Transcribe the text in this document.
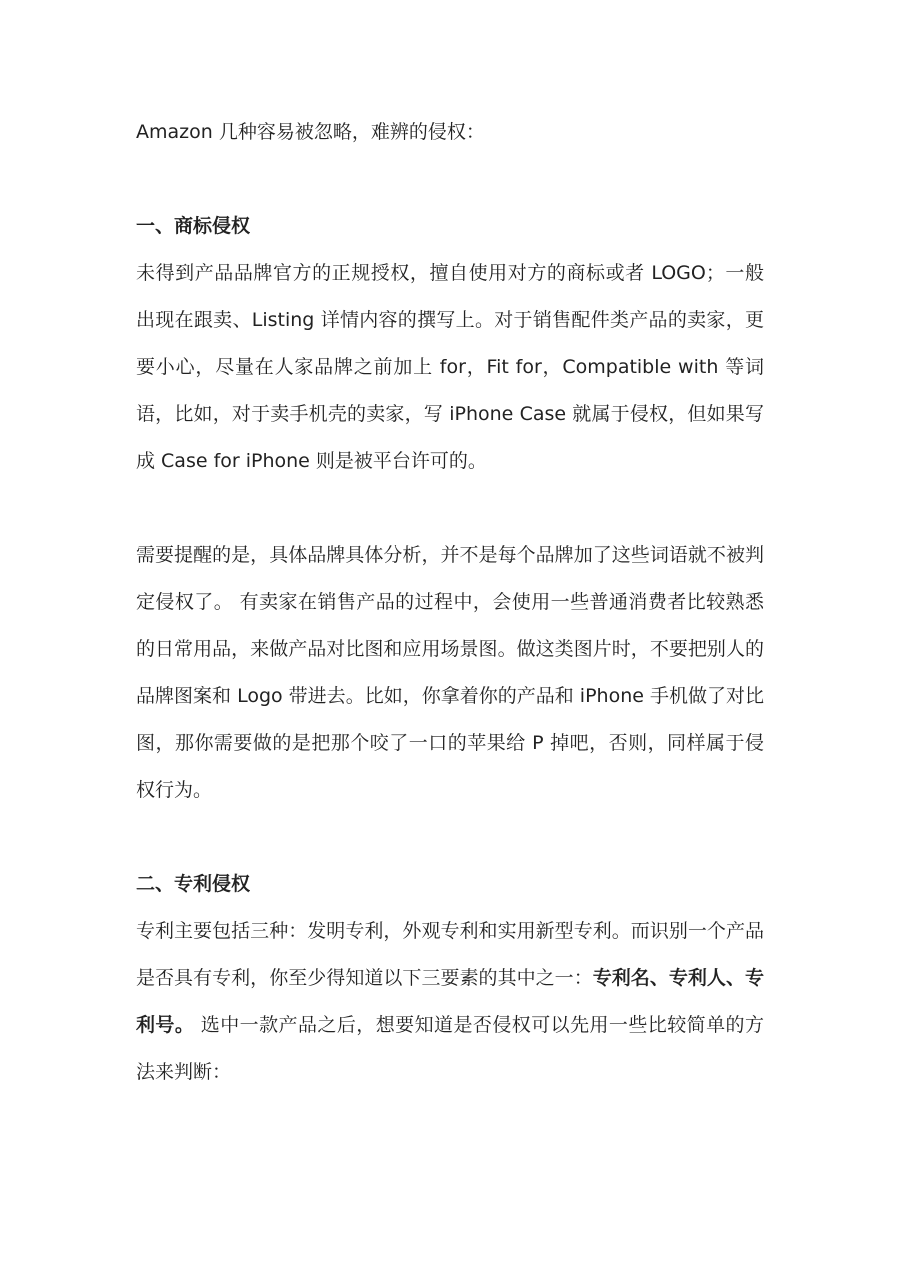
Amazon 几种容易被忽略，难辨的侵权：

一、商标侵权

未得到产品品牌官方的正规授权，擅自使用对方的商标或者 LOGO；一般出现在跟卖、Listing 详情内容的撰写上。对于销售配件类产品的卖家，更要小心，尽量在人家品牌之前加上 for，Fit for，Compatible with 等词语，比如，对于卖手机壳的卖家，写 iPhone Case 就属于侵权，但如果写成 Case for iPhone 则是被平台许可的。

需要提醒的是，具体品牌具体分析，并不是每个品牌加了这些词语就不被判定侵权了。 有卖家在销售产品的过程中，会使用一些普通消费者比较熟悉的日常用品，来做产品对比图和应用场景图。做这类图片时，不要把别人的品牌图案和 Logo 带进去。比如，你拿着你的产品和 iPhone 手机做了对比图，那你需要做的是把那个咬了一口的苹果给 P 掉吧，否则，同样属于侵权行为。

二、专利侵权

专利主要包括三种：发明专利，外观专利和实用新型专利。而识别一个产品是否具有专利，你至少得知道以下三要素的其中之一：专利名、专利人、专利号。 选中一款产品之后，想要知道是否侵权可以先用一些比较简单的方法来判断：
